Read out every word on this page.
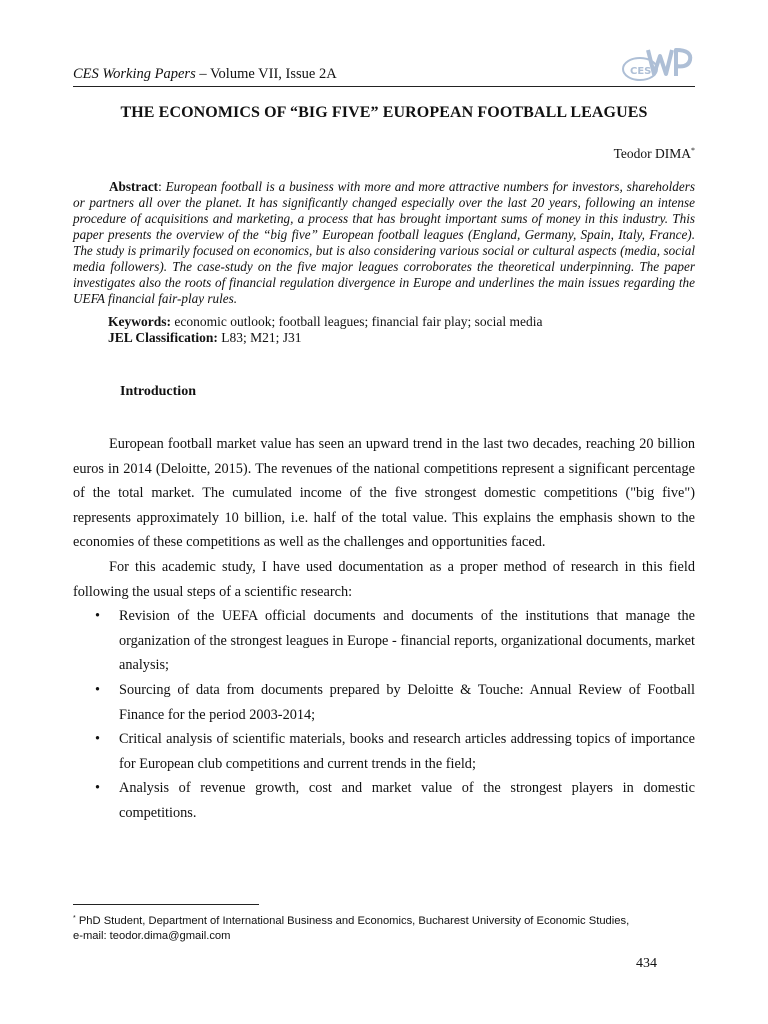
CES Working Papers – Volume VII, Issue 2A	CES
THE ECONOMICS OF “BIG FIVE” EUROPEAN FOOTBALL LEAGUES
Teodor DIMA*
Abstract: European football is a business with more and more attractive numbers for investors, shareholders or partners all over the planet. It has significantly changed especially over the last 20 years, following an intense procedure of acquisitions and marketing, a process that has brought important sums of money in this industry. This paper presents the overview of the “big five” European football leagues (England, Germany, Spain, Italy, France). The study is primarily focused on economics, but is also considering various social or cultural aspects (media, social media followers). The case-study on the five major leagues corroborates the theoretical underpinning. The paper investigates also the roots of financial regulation divergence in Europe and underlines the main issues regarding the UEFA financial fair-play rules.
Keywords: economic outlook; football leagues; financial fair play; social media
JEL Classification: L83; M21; J31
Introduction

European football market value has seen an upward trend in the last two decades, reaching 20 billion euros in 2014 (Deloitte, 2015). The revenues of the national competitions represent a significant percentage of the total market. The cumulated income of the five strongest domestic competitions ("big five") represents approximately 10 billion, i.e. half of the total value. This explains the emphasis shown to the economies of these competitions as well as the challenges and opportunities faced.

For this academic study, I have used documentation as a proper method of research in this field following the usual steps of a scientific research:

• Revision of the UEFA official documents and documents of the institutions that manage the organization of the strongest leagues in Europe - financial reports, organizational documents, market analysis;
• Sourcing of data from documents prepared by Deloitte & Touche: Annual Review of Football Finance for the period 2003-2014;
• Critical analysis of scientific materials, books and research articles addressing topics of importance for European club competitions and current trends in the field;
• Analysis of revenue growth, cost and market value of the strongest players in domestic competitions.
* PhD Student, Department of International Business and Economics, Bucharest University of Economic Studies,
e-mail: teodor.dima@gmail.com
434
